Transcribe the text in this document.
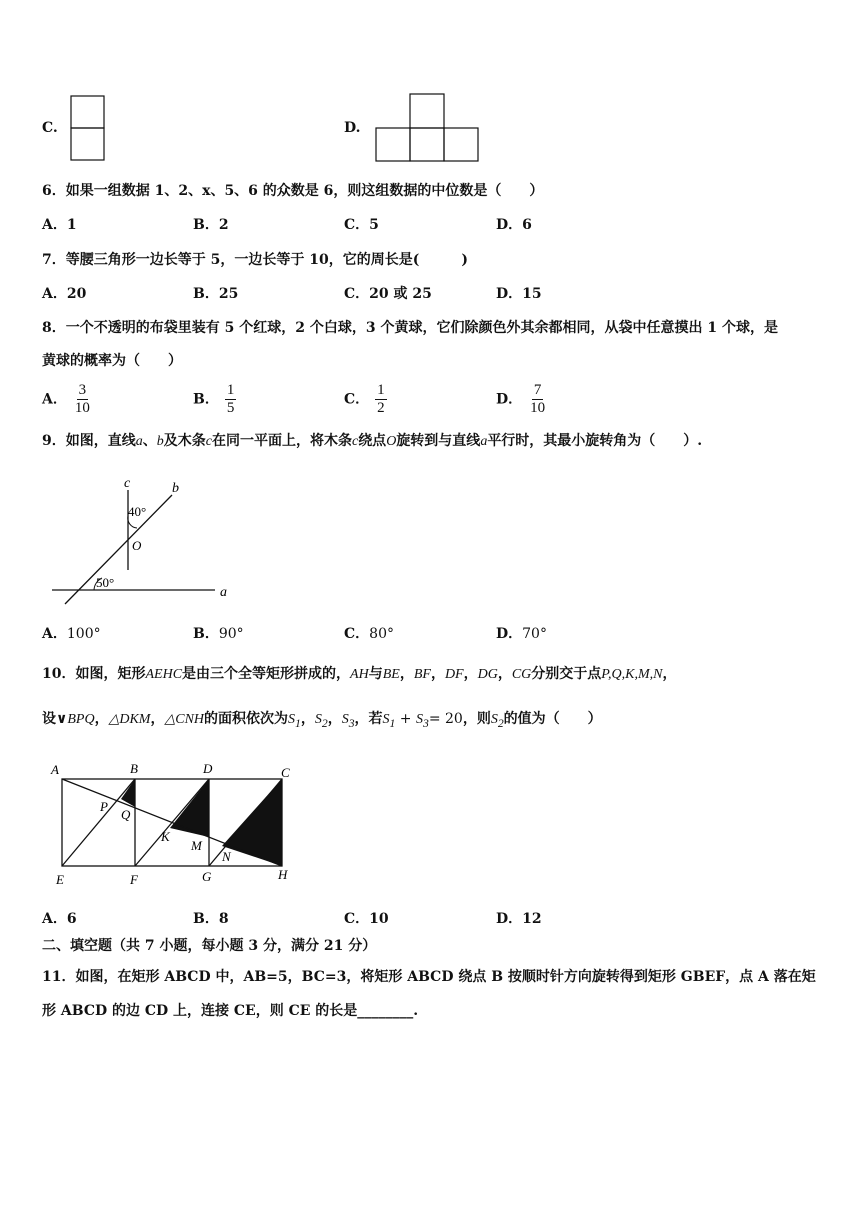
C.	D.
6．如果一组数据 1、2、x、5、6 的众数是 6，则这组数据的中位数是（　　）
A．1	B．2	C．5	D．6
7．等腰三角形一边长等于 5，一边长等于 10，它的周长是(　　　)
A．20	B．25	C．20 或 25	D．15
8．一个不透明的布袋里装有 5 个红球，2 个白球，3 个黄球，它们除颜色外其余都相同，从袋中任意摸出 1 个球，是
黄球的概率为（　　）
A． $\frac{3}{10}$	B． $\frac{1}{5}$	C． $\frac{1}{2}$	D． $\frac{7}{10}$
9．如图，直线a、b及木条c在同一平面上，将木条c绕点O旋转到与直线a平行时，其最小旋转角为（　　）.
c	b
a
O
40°
50°
A．100°	B．90°	C．80°	D．70°
10．如图，矩形AEHC是由三个全等矩形拼成的，AH与BE，BF，DF，DG，CG分别交于点P,Q,K,M,N，
设∨BPQ，△DKM，△CNH的面积依次为$S_1$，$S_2$，$S_3$，若$S_1 + S_3= 20$，则$S_2$的值为（　　）
A	B	D	C
E	F	G	H
P
Q
K
M
N
A．6	B．8	C．10	D．12
二、填空题（共 7 小题，每小题 3 分，满分 21 分）
11．如图，在矩形 ABCD 中，AB=5，BC=3，将矩形 ABCD 绕点 B 按顺时针方向旋转得到矩形 GBEF，点 A 落在矩
形 ABCD 的边 CD 上，连接 CE，则 CE 的长是________.
